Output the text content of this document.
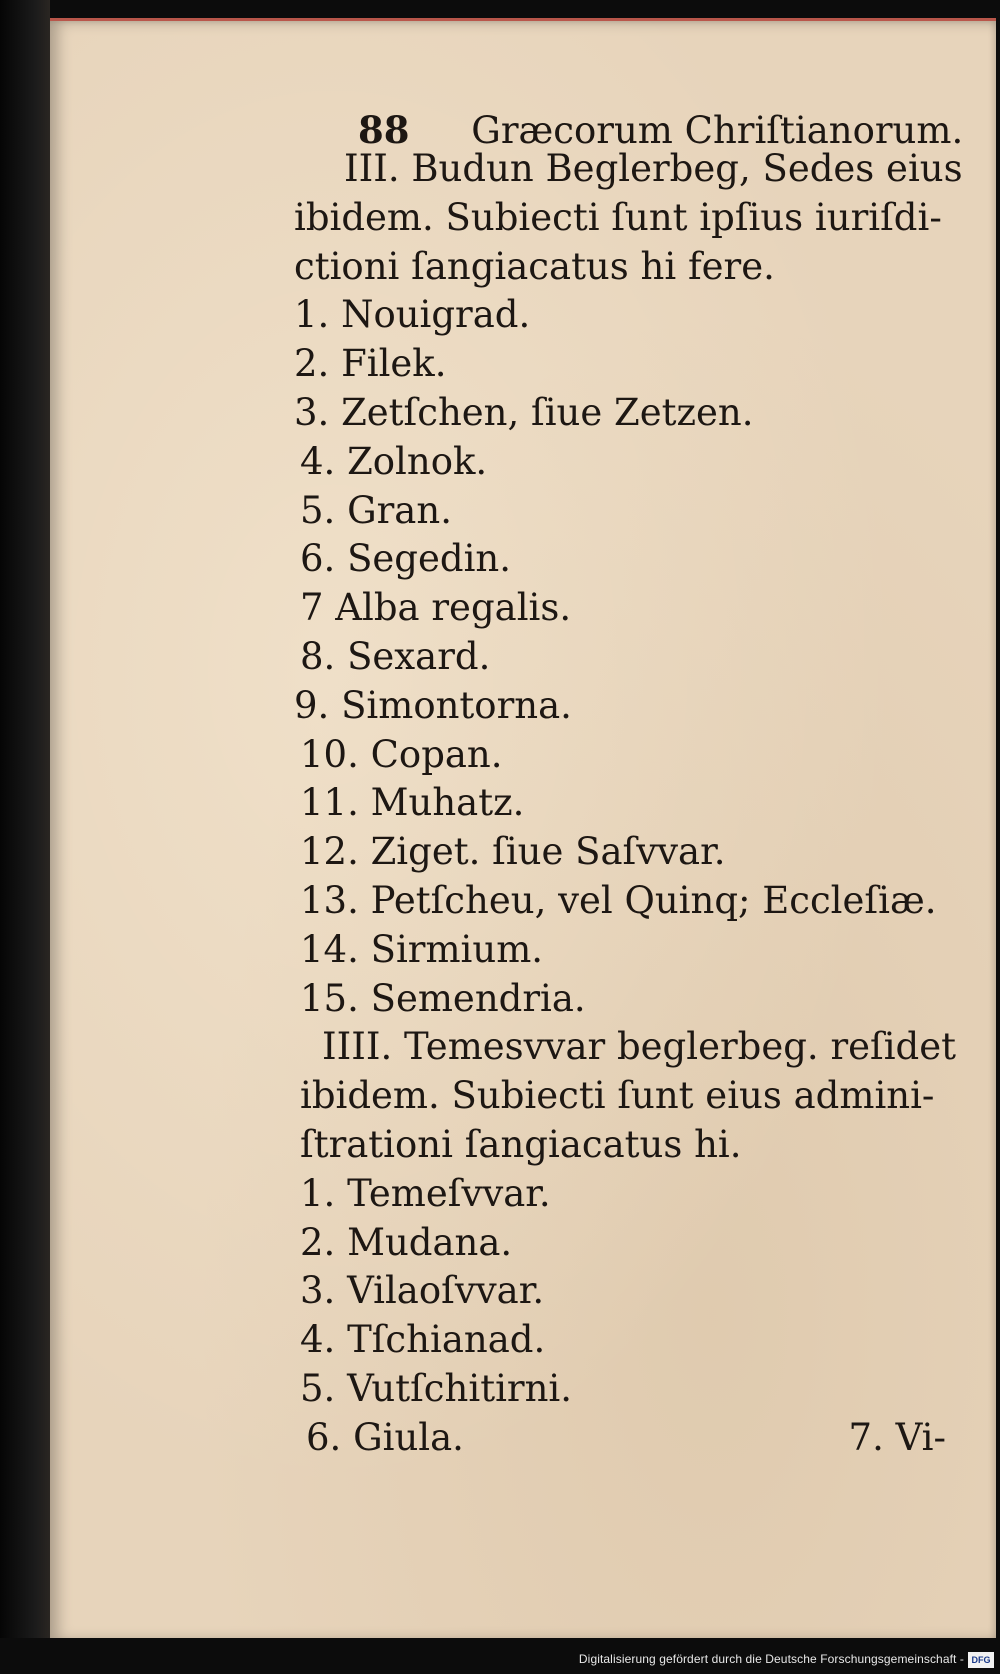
88 Græcorum Chriſtianorum.
III. Budun Beglerbeg, Sedes eius
ibidem. Subiecti ſunt ipſius iuriſdi-
ctioni ſangiacatus hi fere.
1. Nouigrad.
2. Filek.
3. Zetſchen, ſiue Zetzen.
4. Zolnok.
5. Gran.
6. Segedin.
7 Alba regalis.
8. Sexard.
9. Simontorna.
10. Copan.
11. Muhatz.
12. Ziget. ſiue Saſvvar.
13. Petſcheu, vel Quinq; Eccleſiæ.
14. Sirmium.
15. Semendria.
IIII. Temesvvar beglerbeg. reſidet
ibidem. Subiecti ſunt eius admini-
ſtrationi ſangiacatus hi.
1. Temeſvvar.
2. Mudana.
3. Vilaoſvvar.
4. Tſchianad.
5. Vutſchitirni.
6. Giula.	7. Vi-
Digitalisierung gefördert durch die Deutsche Forschungsgemeinschaft - DFG
